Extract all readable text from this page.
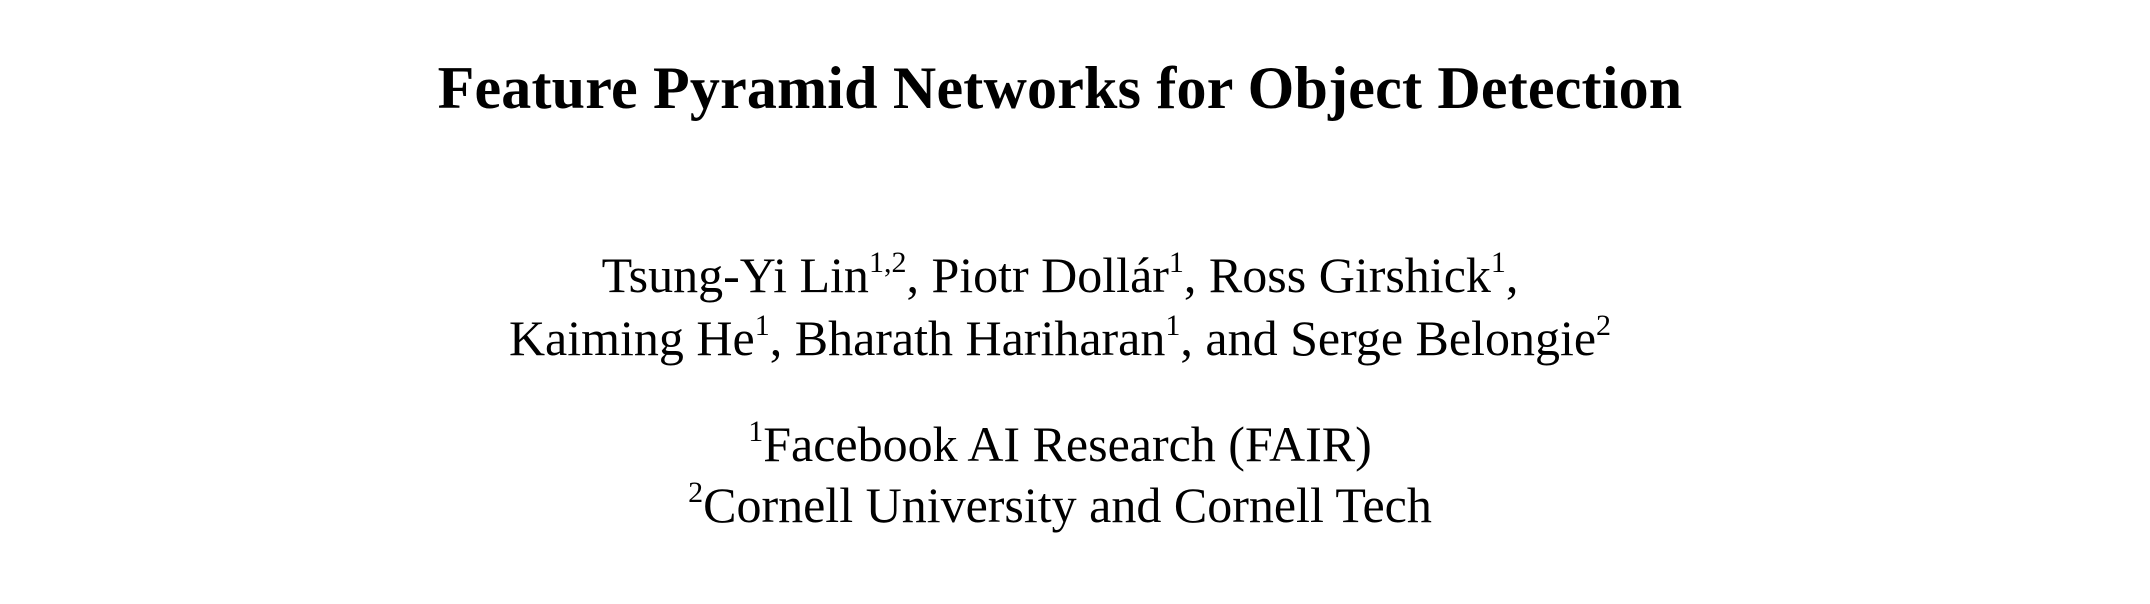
Feature Pyramid Networks for Object Detection
Tsung-Yi Lin$^{1,2}$, Piotr Dollár$^1$, Ross Girshick$^1$,
Kaiming He$^1$, Bharath Hariharan$^1$, and Serge Belongie$^2$
$^1$Facebook AI Research (FAIR)
$^2$Cornell University and Cornell Tech
